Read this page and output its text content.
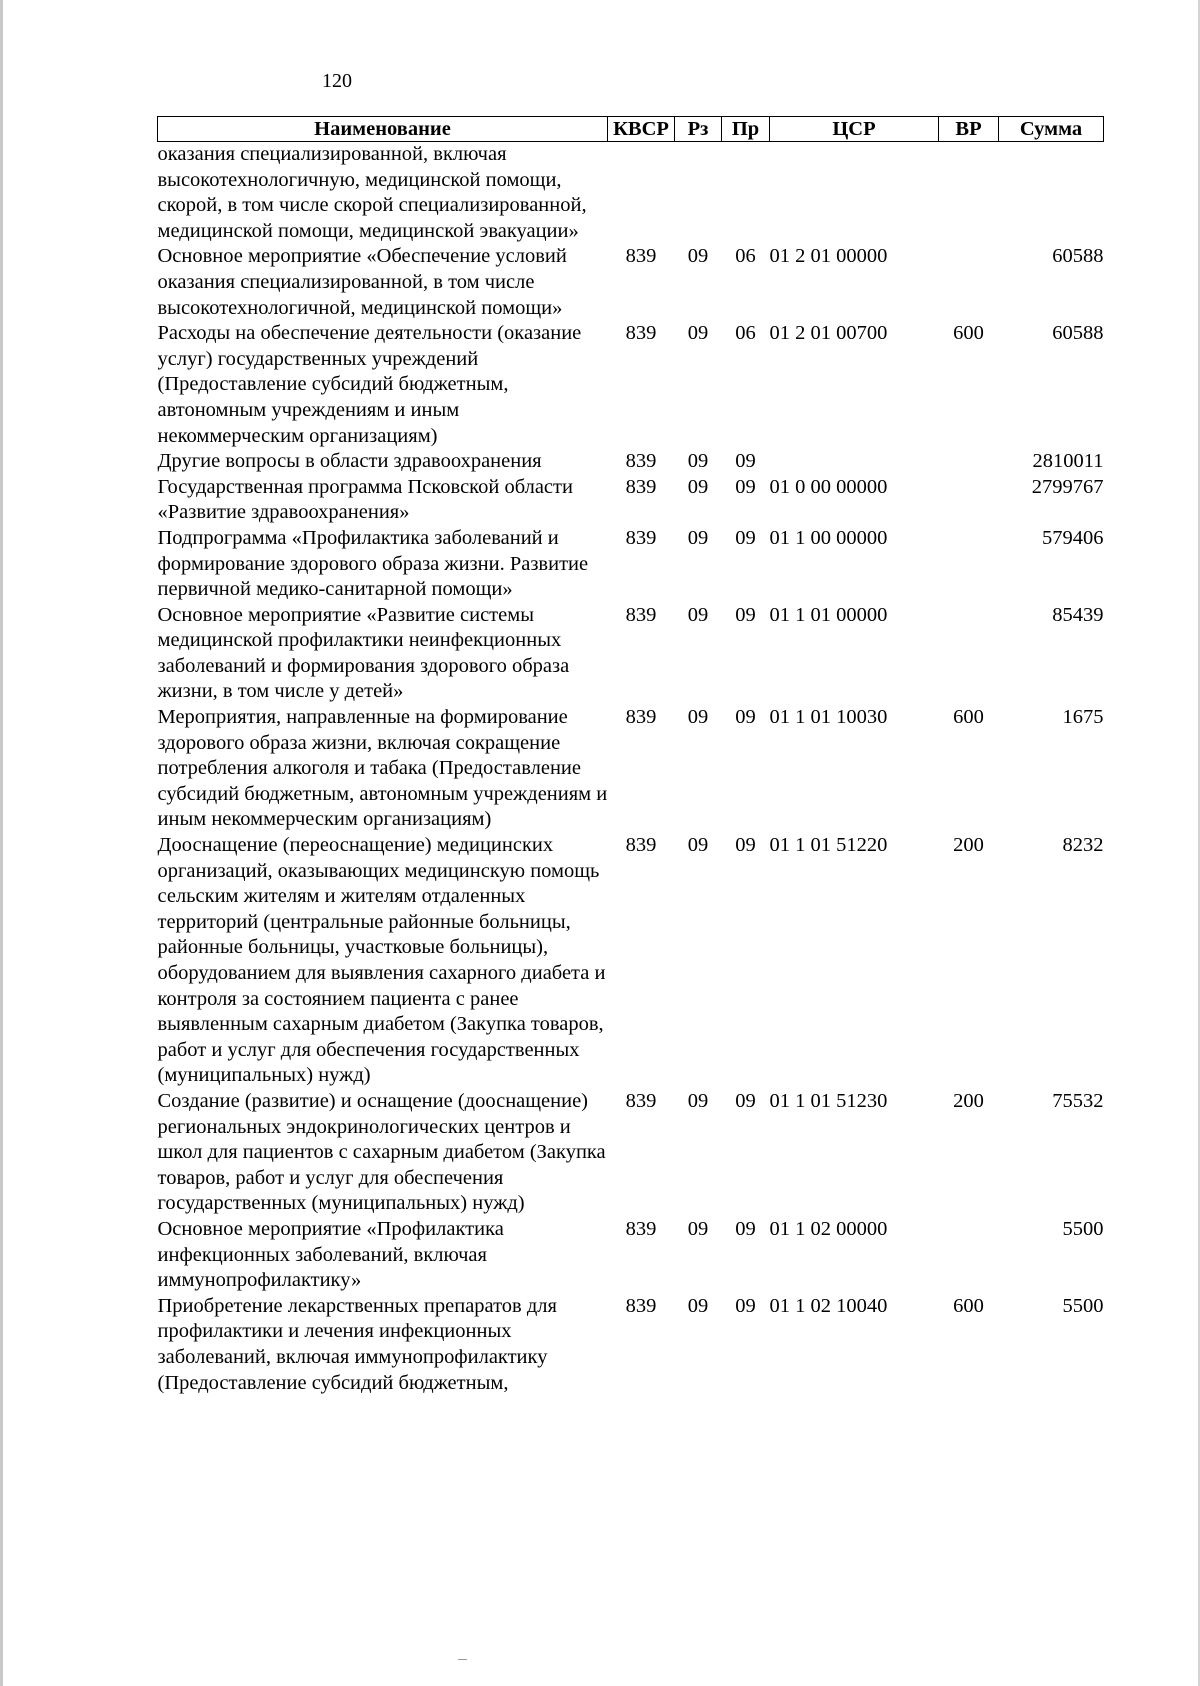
120
Наименование	КВСР	Рз	Пр	ЦСР	ВР	Сумма
оказания специализированной, включая высокотехнологичную, медицинской помощи, скорой, в том числе скорой специализированной, медицинской помощи, медицинской эвакуации»						
Основное мероприятие «Обеспечение условий оказания специализированной, в том числе высокотехнологичной, медицинской помощи»	839	09	06	01 2 01 00000		60588
Расходы на обеспечение деятельности (оказание услуг) государственных учреждений (Предоставление субсидий бюджетным, автономным учреждениям и иным некоммерческим организациям)	839	09	06	01 2 01 00700	600	60588
Другие вопросы в области здравоохранения	839	09	09			2810011
Государственная программа Псковской области «Развитие здравоохранения»	839	09	09	01 0 00 00000		2799767
Подпрограмма «Профилактика заболеваний и формирование здорового образа жизни. Развитие первичной медико-санитарной помощи»	839	09	09	01 1 00 00000		579406
Основное мероприятие «Развитие системы медицинской профилактики неинфекционных заболеваний и формирования здорового образа жизни, в том числе у детей»	839	09	09	01 1 01 00000		85439
Мероприятия, направленные на формирование здорового образа жизни, включая сокращение потребления алкоголя и табака (Предоставление субсидий бюджетным, автономным учреждениям и иным некоммерческим организациям)	839	09	09	01 1 01 10030	600	1675
Дооснащение (переоснащение) медицинских организаций, оказывающих медицинскую помощь сельским жителям и жителям отдаленных территорий (центральные районные больницы, районные больницы, участковые больницы), оборудованием для выявления сахарного диабета и контроля за состоянием пациента с ранее выявленным сахарным диабетом (Закупка товаров, работ и услуг для обеспечения государственных (муниципальных) нужд)	839	09	09	01 1 01 51220	200	8232
Создание (развитие) и оснащение (дооснащение) региональных эндокринологических центров и школ для пациентов с сахарным диабетом (Закупка товаров, работ и услуг для обеспечения государственных (муниципальных) нужд)	839	09	09	01 1 01 51230	200	75532
Основное мероприятие «Профилактика инфекционных заболеваний, включая иммунопрофилактику»	839	09	09	01 1 02 00000		5500
Приобретение лекарственных препаратов для профилактики и лечения инфекционных заболеваний, включая иммунопрофилактику (Предоставление субсидий бюджетным,	839	09	09	01 1 02 10040	600	5500
